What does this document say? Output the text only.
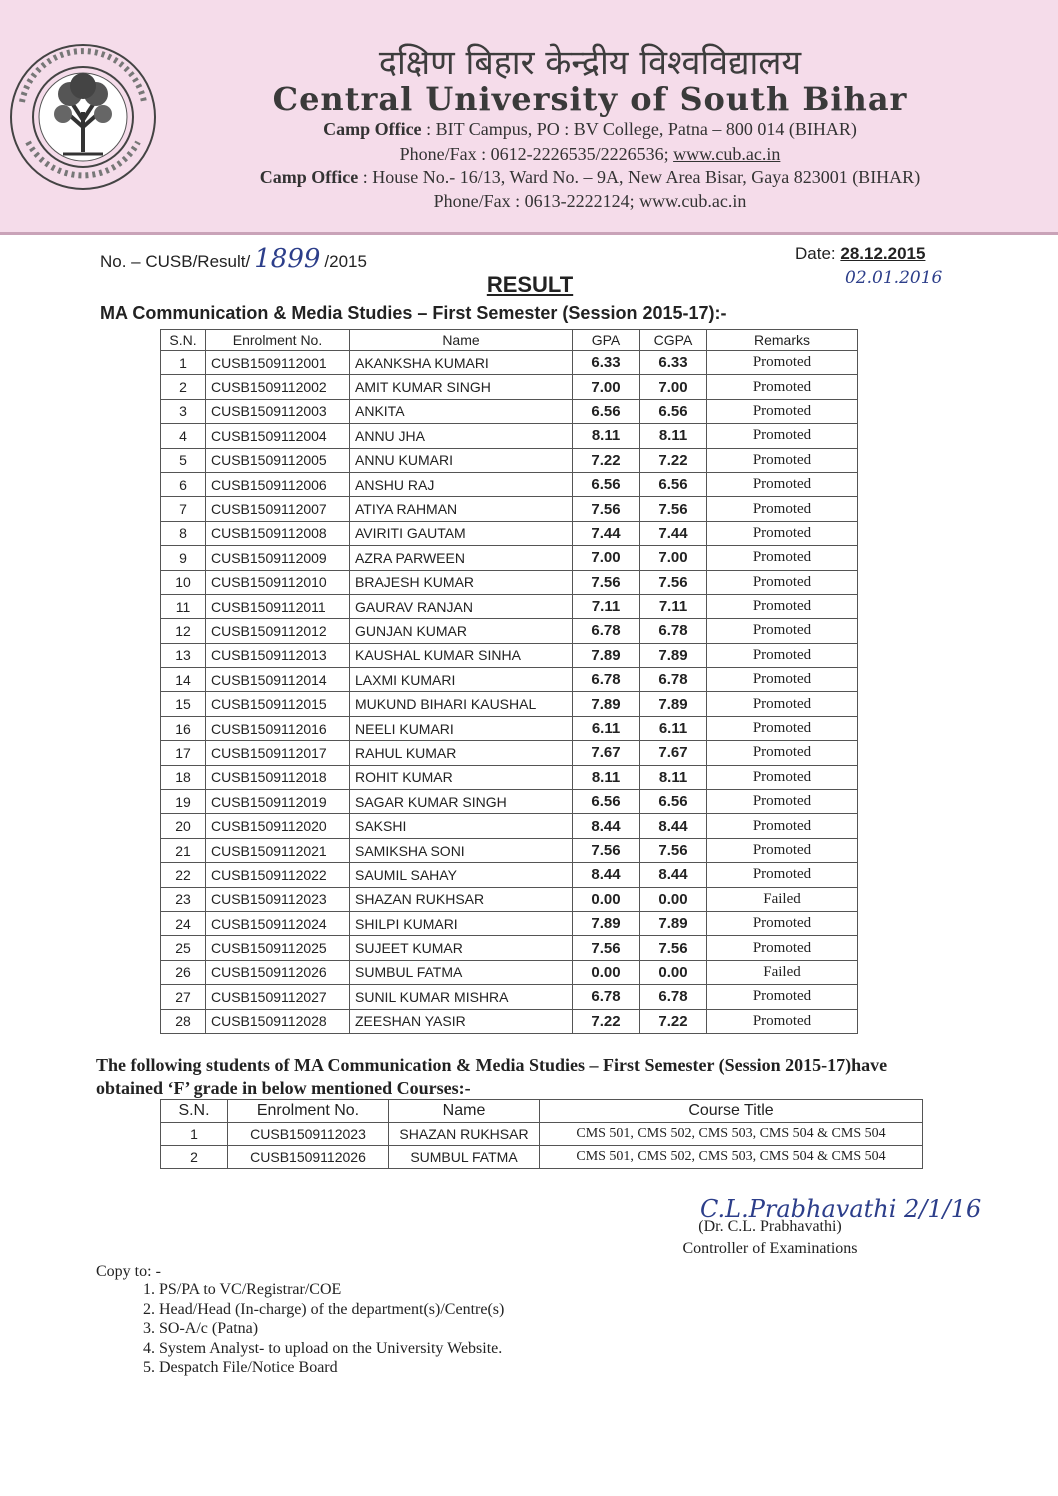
दक्षिण बिहार केन्द्रीय विश्वविद्यालय
Central University of South Bihar
Camp Office : BIT Campus, PO : BV College, Patna – 800 014 (BIHAR)
Phone/Fax : 0612-2226535/2226536; www.cub.ac.in
Camp Office : House No.- 16/13, Ward No. – 9A, New Area Bisar, Gaya 823001 (BIHAR)
Phone/Fax : 0613-2222124; www.cub.ac.in
No. – CUSB/Result/ 1899 /2015	Date: 28.12.2015
02.01.2016
RESULT
MA Communication & Media Studies – First Semester (Session 2015-17):-
S.N.	Enrolment No.	Name	GPA	CGPA	Remarks
1	CUSB1509112001	AKANKSHA KUMARI	6.33	6.33	Promoted
2	CUSB1509112002	AMIT KUMAR SINGH	7.00	7.00	Promoted
3	CUSB1509112003	ANKITA	6.56	6.56	Promoted
4	CUSB1509112004	ANNU JHA	8.11	8.11	Promoted
5	CUSB1509112005	ANNU KUMARI	7.22	7.22	Promoted
6	CUSB1509112006	ANSHU RAJ	6.56	6.56	Promoted
7	CUSB1509112007	ATIYA RAHMAN	7.56	7.56	Promoted
8	CUSB1509112008	AVIRITI GAUTAM	7.44	7.44	Promoted
9	CUSB1509112009	AZRA PARWEEN	7.00	7.00	Promoted
10	CUSB1509112010	BRAJESH KUMAR	7.56	7.56	Promoted
11	CUSB1509112011	GAURAV RANJAN	7.11	7.11	Promoted
12	CUSB1509112012	GUNJAN KUMAR	6.78	6.78	Promoted
13	CUSB1509112013	KAUSHAL KUMAR SINHA	7.89	7.89	Promoted
14	CUSB1509112014	LAXMI KUMARI	6.78	6.78	Promoted
15	CUSB1509112015	MUKUND BIHARI KAUSHAL	7.89	7.89	Promoted
16	CUSB1509112016	NEELI KUMARI	6.11	6.11	Promoted
17	CUSB1509112017	RAHUL KUMAR	7.67	7.67	Promoted
18	CUSB1509112018	ROHIT KUMAR	8.11	8.11	Promoted
19	CUSB1509112019	SAGAR KUMAR SINGH	6.56	6.56	Promoted
20	CUSB1509112020	SAKSHI	8.44	8.44	Promoted
21	CUSB1509112021	SAMIKSHA SONI	7.56	7.56	Promoted
22	CUSB1509112022	SAUMIL SAHAY	8.44	8.44	Promoted
23	CUSB1509112023	SHAZAN RUKHSAR	0.00	0.00	Failed
24	CUSB1509112024	SHILPI KUMARI	7.89	7.89	Promoted
25	CUSB1509112025	SUJEET KUMAR	7.56	7.56	Promoted
26	CUSB1509112026	SUMBUL FATMA	0.00	0.00	Failed
27	CUSB1509112027	SUNIL KUMAR MISHRA	6.78	6.78	Promoted
28	CUSB1509112028	ZEESHAN YASIR	7.22	7.22	Promoted
The following students of MA Communication & Media Studies – First Semester (Session 2015-17)have obtained ‘F’ grade in below mentioned Courses:-
S.N.	Enrolment No.	Name	Course Title
1	CUSB1509112023	SHAZAN RUKHSAR	CMS 501, CMS 502, CMS 503, CMS 504 & CMS 504
2	CUSB1509112026	SUMBUL FATMA	CMS 501, CMS 502, CMS 503, CMS 504 & CMS 504
C.L.Prabhavathi 2/1/16
(Dr. C.L. Prabhavathi)
Controller of Examinations
Copy to: -
1. PS/PA to VC/Registrar/COE
2. Head/Head (In-charge) of the department(s)/Centre(s)
3. SO-A/c (Patna)
4. System Analyst- to upload on the University Website.
5. Despatch File/Notice Board
